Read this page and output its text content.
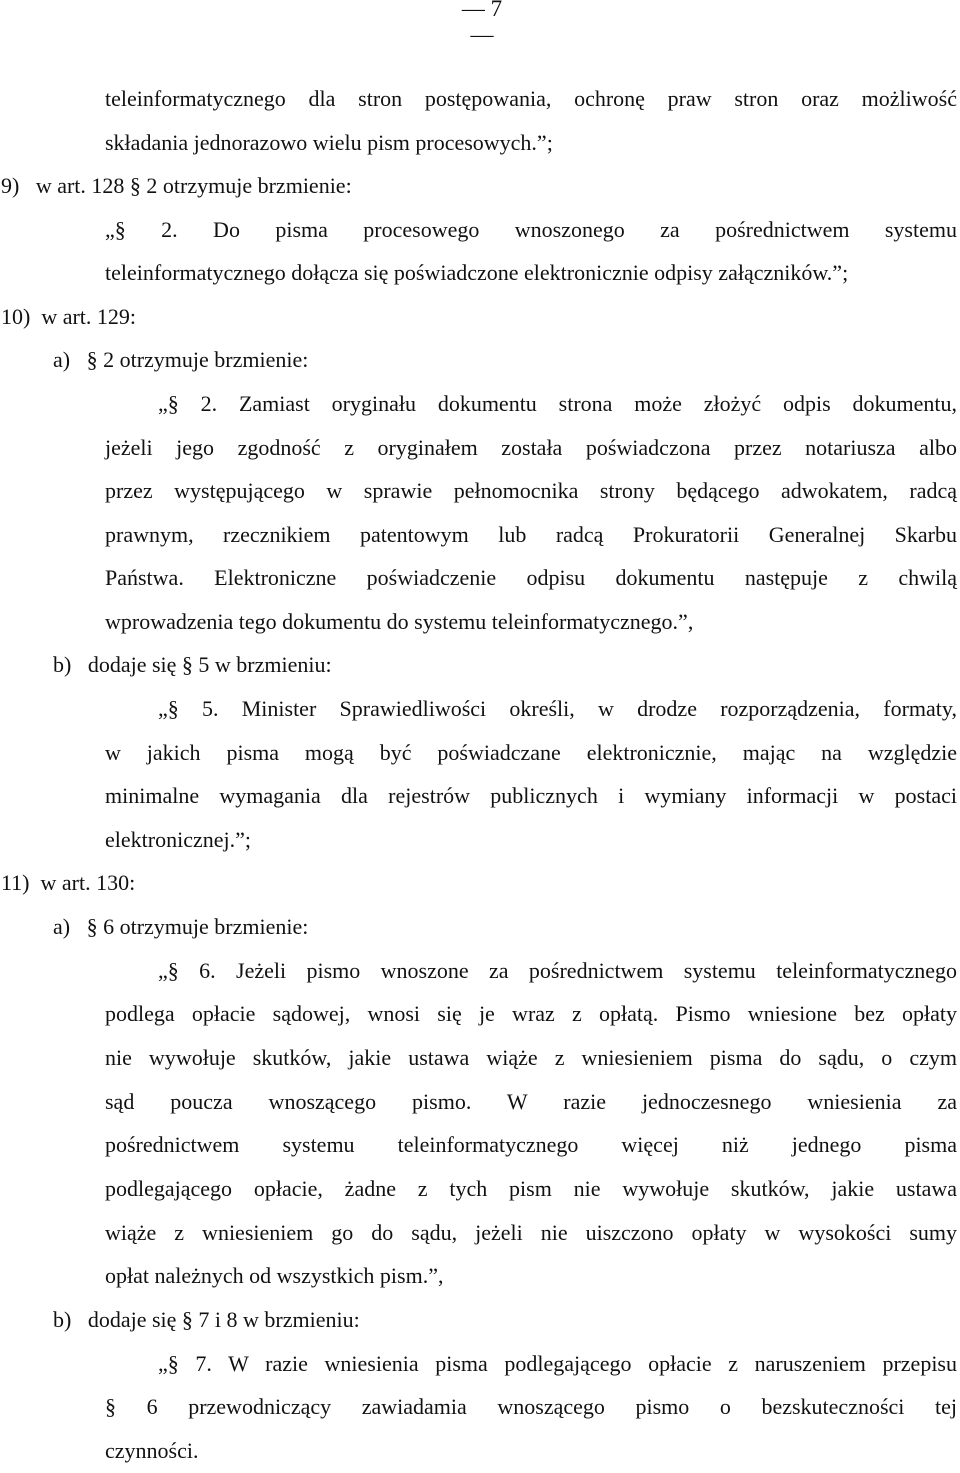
— 7 —
teleinformatycznego dla stron postępowania, ochronę praw stron oraz możliwość
składania jednorazowo wielu pism procesowych.”;
9)   w art. 128 § 2 otrzymuje brzmienie:
„§ 2. Do pisma procesowego wnoszonego za pośrednictwem systemu
teleinformatycznego dołącza się poświadczone elektronicznie odpisy załączników.”;
10)  w art. 129:
a)   § 2 otrzymuje brzmienie:
„§ 2. Zamiast oryginału dokumentu strona może złożyć odpis dokumentu,
jeżeli jego zgodność z oryginałem została poświadczona przez notariusza albo
przez występującego w sprawie pełnomocnika strony będącego adwokatem, radcą
prawnym, rzecznikiem patentowym lub radcą Prokuratorii Generalnej Skarbu
Państwa. Elektroniczne poświadczenie odpisu dokumentu następuje z chwilą
wprowadzenia tego dokumentu do systemu teleinformatycznego.”,
b)   dodaje się § 5 w brzmieniu:
„§ 5. Minister Sprawiedliwości określi, w drodze rozporządzenia, formaty,
w jakich pisma mogą być poświadczane elektronicznie, mając na względzie
minimalne wymagania dla rejestrów publicznych i wymiany informacji w postaci
elektronicznej.”;
11)  w art. 130:
a)   § 6 otrzymuje brzmienie:
„§ 6. Jeżeli pismo wnoszone za pośrednictwem systemu teleinformatycznego
podlega opłacie sądowej, wnosi się je wraz z opłatą. Pismo wniesione bez opłaty
nie wywołuje skutków, jakie ustawa wiąże z wniesieniem pisma do sądu, o czym
sąd poucza wnoszącego pismo. W razie jednoczesnego wniesienia za
pośrednictwem systemu teleinformatycznego więcej niż jednego pisma
podlegającego opłacie, żadne z tych pism nie wywołuje skutków, jakie ustawa
wiąże z wniesieniem go do sądu, jeżeli nie uiszczono opłaty w wysokości sumy
opłat należnych od wszystkich pism.”,
b)   dodaje się § 7 i 8 w brzmieniu:
„§ 7. W razie wniesienia pisma podlegającego opłacie z naruszeniem przepisu
§ 6 przewodniczący zawiadamia wnoszącego pismo o bezskuteczności tej
czynności.
